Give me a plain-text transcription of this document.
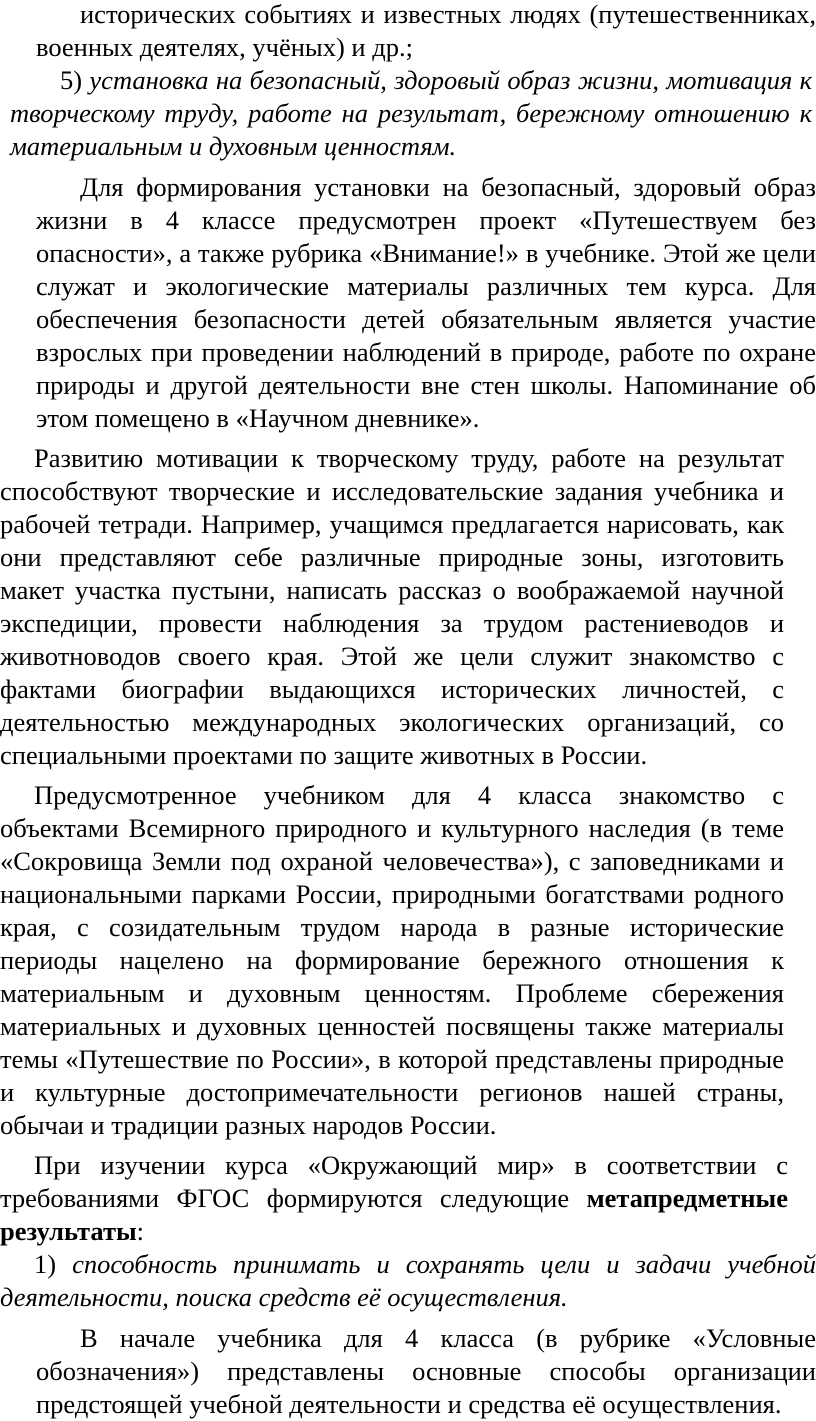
исторических событиях и известных людях (путешественниках, военных деятелях, учёных) и др.;

5) установка на безопасный, здоровый образ жизни, мотивация к творческому труду, работе на результат, бережному отношению к материальным и духовным ценностям.

Для формирования установки на безопасный, здоровый образ жизни в 4 классе предусмотрен проект «Путешествуем без опасности», а также рубрика «Внимание!» в учебнике. Этой же цели служат и экологические материалы различных тем курса. Для обеспечения безопасности детей обязательным является участие взрослых при проведении наблюдений в природе, работе по охране природы и другой деятельности вне стен школы. Напоминание об этом помещено в «Научном дневнике».

Развитию мотивации к творческому труду, работе на результат способствуют творческие и исследовательские задания учебника и рабочей тетради. Например, учащимся предлагается нарисовать, как они представляют себе различные природные зоны, изготовить макет участка пустыни, написать рассказ о воображаемой научной экспедиции, провести наблюдения за трудом растениеводов и животноводов своего края. Этой же цели служит знакомство с фактами биографии выдающихся исторических личностей, с деятельностью международных экологических организаций, со специальными проектами по защите животных в России.

Предусмотренное учебником для 4 класса знакомство с объектами Всемирного природного и культурного наследия (в теме «Сокровища Земли под охраной человечества»), с заповедниками и национальными парками России, природными богатствами родного края, с созидательным трудом народа в разные исторические периоды нацелено на формирование бережного отношения к материальным и духовным ценностям. Проблеме сбережения материальных и духовных ценностей посвящены также материалы темы «Путешествие по России», в которой представлены природные и культурные достопримечательности регионов нашей страны, обычаи и традиции разных народов России.

При изучении курса «Окружающий мир» в соответствии с требованиями ФГОС формируются следующие метапредметные результаты:

1) способность принимать и сохранять цели и задачи учебной деятельности, поиска средств её осуществления.

В начале учебника для 4 класса (в рубрике «Условные обозначения») представлены основные способы организации предстоящей учебной деятельности и средства её осуществления.
